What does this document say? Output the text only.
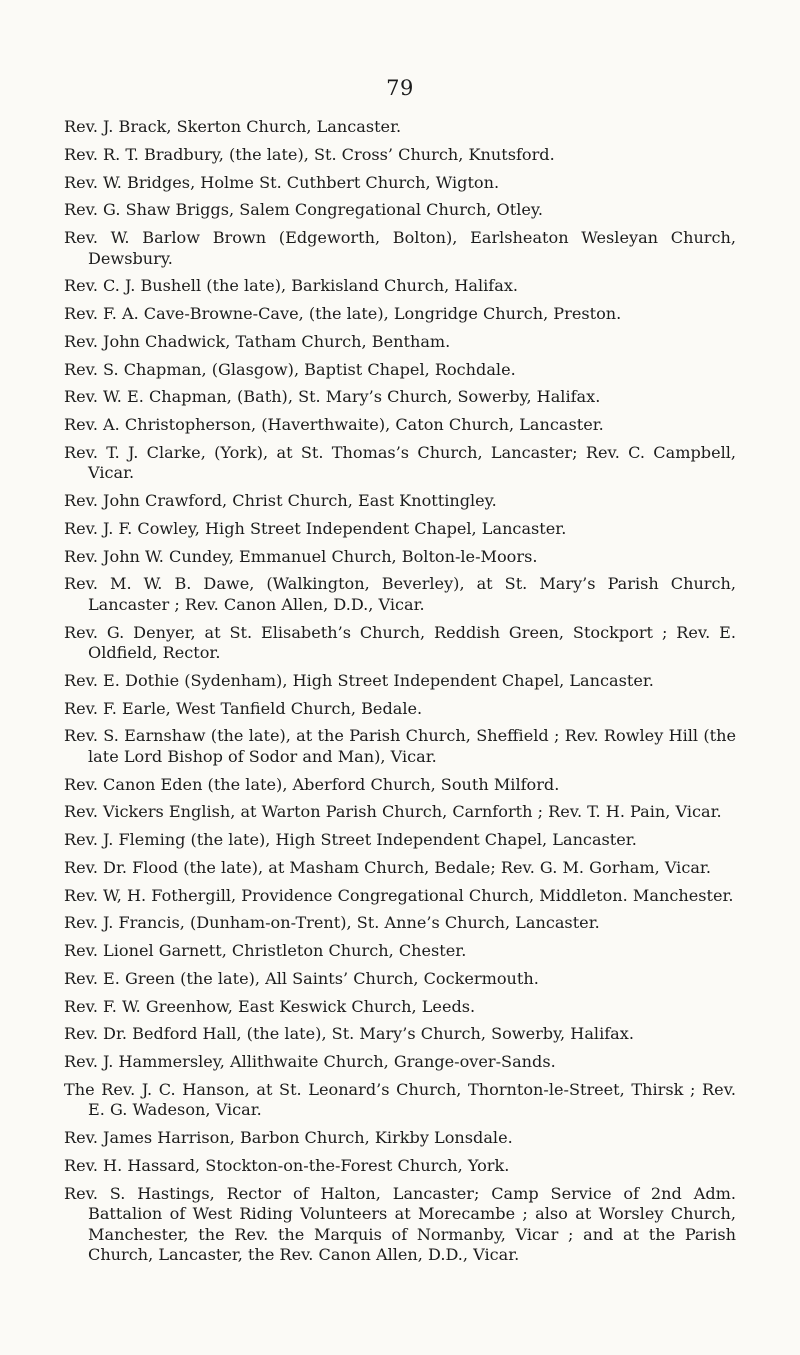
79
Rev. J. Brack, Skerton Church, Lancaster.
Rev. R. T. Bradbury, (the late), St. Cross’ Church, Knutsford.
Rev. W. Bridges, Holme St. Cuthbert Church, Wigton.
Rev. G. Shaw Briggs, Salem Congregational Church, Otley.
Rev. W. Barlow Brown (Edgeworth, Bolton), Earlsheaton Wesleyan Church, Dewsbury.
Rev. C. J. Bushell (the late), Barkisland Church, Halifax.
Rev. F. A. Cave-Browne-Cave, (the late), Longridge Church, Preston.
Rev. John Chadwick, Tatham Church, Bentham.
Rev. S. Chapman, (Glasgow), Baptist Chapel, Rochdale.
Rev. W. E. Chapman, (Bath), St. Mary’s Church, Sowerby, Halifax.
Rev. A. Christopherson, (Haverthwaite), Caton Church, Lancaster.
Rev. T. J. Clarke, (York), at St. Thomas’s Church, Lancaster; Rev. C. Campbell, Vicar.
Rev. John Crawford, Christ Church, East Knottingley.
Rev. J. F. Cowley, High Street Independent Chapel, Lancaster.
Rev. John W. Cundey, Emmanuel Church, Bolton-le-Moors.
Rev. M. W. B. Dawe, (Walkington, Beverley), at St. Mary’s Parish Church, Lancaster ; Rev. Canon Allen, D.D., Vicar.
Rev. G. Denyer, at St. Elisabeth’s Church, Reddish Green, Stockport ; Rev. E. Oldfield, Rector.
Rev. E. Dothie (Sydenham), High Street Independent Chapel, Lancaster.
Rev. F. Earle, West Tanfield Church, Bedale.
Rev. S. Earnshaw (the late), at the Parish Church, Sheffield ; Rev. Rowley Hill (the late Lord Bishop of Sodor and Man), Vicar.
Rev. Canon Eden (the late), Aberford Church, South Milford.
Rev. Vickers English, at Warton Parish Church, Carnforth ; Rev. T. H. Pain, Vicar.
Rev. J. Fleming (the late), High Street Independent Chapel, Lancaster.
Rev. Dr. Flood (the late), at Masham Church, Bedale; Rev. G. M. Gorham, Vicar.
Rev. W, H. Fothergill, Providence Congregational Church, Middleton. Manchester.
Rev. J. Francis, (Dunham-on-Trent), St. Anne’s Church, Lancaster.
Rev. Lionel Garnett, Christleton Church, Chester.
Rev. E. Green (the late), All Saints’ Church, Cockermouth.
Rev. F. W. Greenhow, East Keswick Church, Leeds.
Rev. Dr. Bedford Hall, (the late), St. Mary’s Church, Sowerby, Halifax.
Rev. J. Hammersley, Allithwaite Church, Grange-over-Sands.
The Rev. J. C. Hanson, at St. Leonard’s Church, Thornton-le-Street, Thirsk ; Rev. E. G. Wadeson, Vicar.
Rev. James Harrison, Barbon Church, Kirkby Lonsdale.
Rev. H. Hassard, Stockton-on-the-Forest Church, York.
Rev. S. Hastings, Rector of Halton, Lancaster; Camp Service of 2nd Adm. Battalion of West Riding Volunteers at Morecambe ; also at Worsley Church, Manchester, the Rev. the Marquis of Normanby, Vicar ; and at the Parish Church, Lancaster, the Rev. Canon Allen, D.D., Vicar.
